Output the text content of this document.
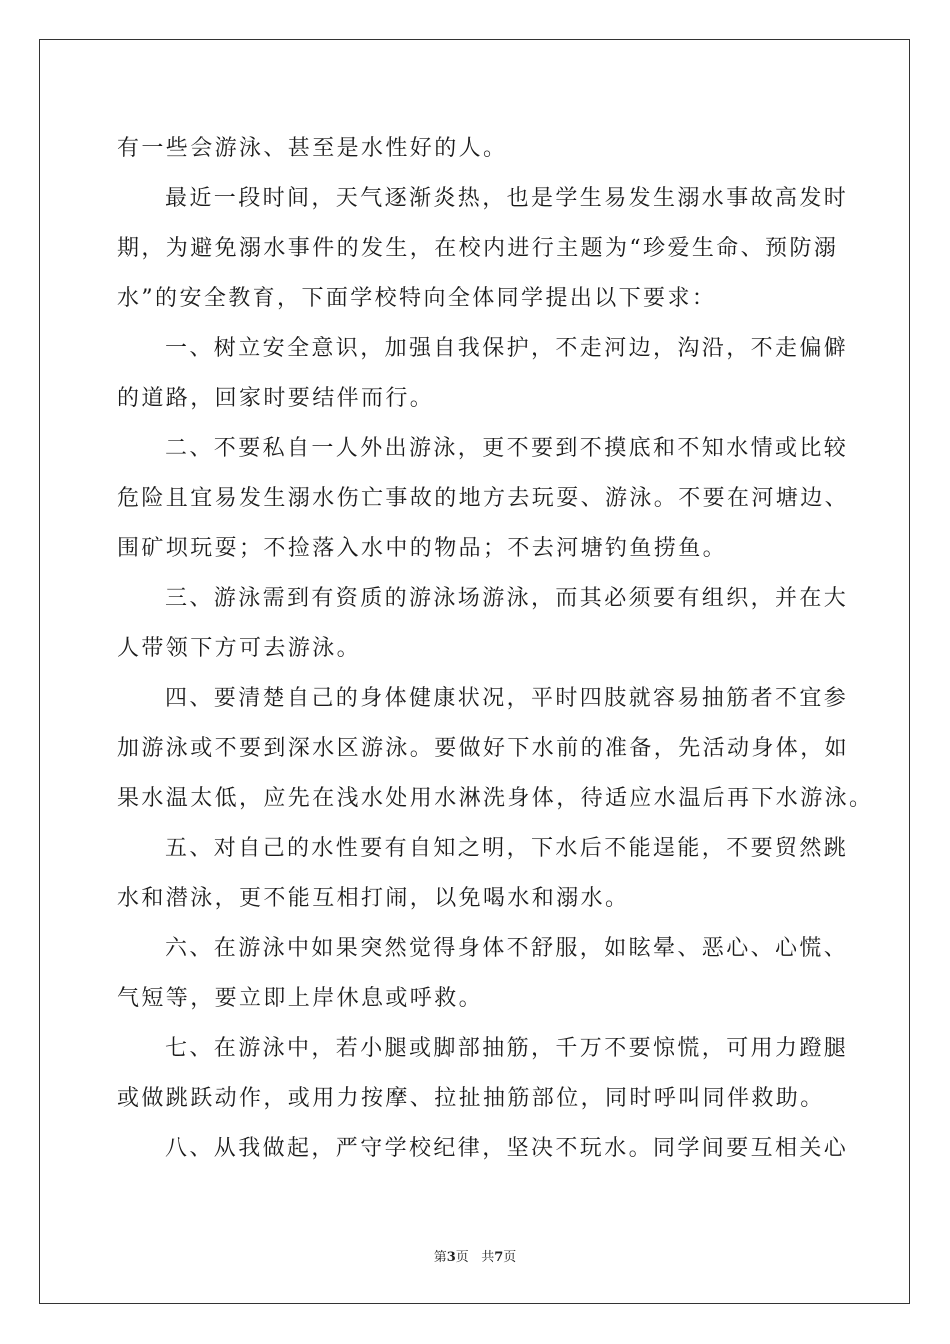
有一些会游泳、甚至是水性好的人。
最近一段时间，天气逐渐炎热，也是学生易发生溺水事故高发时
期，为避免溺水事件的发生，在校内进行主题为“珍爱生命、预防溺
水”的安全教育，下面学校特向全体同学提出以下要求：
一、树立安全意识，加强自我保护，不走河边，沟沿，不走偏僻
的道路，回家时要结伴而行。
二、不要私自一人外出游泳，更不要到不摸底和不知水情或比较
危险且宜易发生溺水伤亡事故的地方去玩耍、游泳。不要在河塘边、
围矿坝玩耍；不捡落入水中的物品；不去河塘钓鱼捞鱼。
三、游泳需到有资质的游泳场游泳，而其必须要有组织，并在大
人带领下方可去游泳。
四、要清楚自己的身体健康状况，平时四肢就容易抽筋者不宜参
加游泳或不要到深水区游泳。要做好下水前的准备，先活动身体，如
果水温太低，应先在浅水处用水淋洗身体，待适应水温后再下水游泳。
五、对自己的水性要有自知之明，下水后不能逞能，不要贸然跳
水和潜泳，更不能互相打闹，以免喝水和溺水。
六、在游泳中如果突然觉得身体不舒服，如眩晕、恶心、心慌、
气短等，要立即上岸休息或呼救。
七、在游泳中，若小腿或脚部抽筋，千万不要惊慌，可用力蹬腿
或做跳跃动作，或用力按摩、拉扯抽筋部位，同时呼叫同伴救助。
八、从我做起，严守学校纪律，坚决不玩水。同学间要互相关心
第3页 共7页
